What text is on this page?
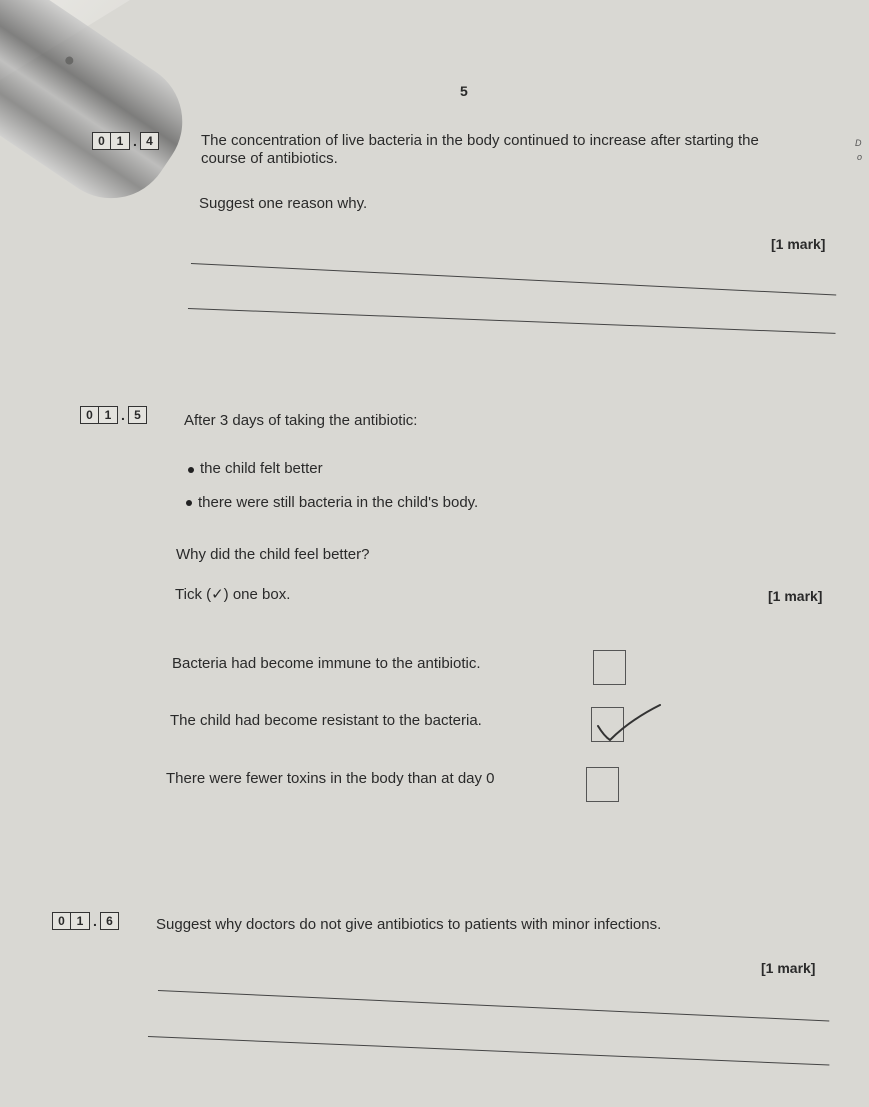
5
D
o
0 1 . 4	The concentration of live bacteria in the body continued to increase after starting the
course of antibiotics.
Suggest one reason why.
[1 mark]
0 1 . 5	After 3 days of taking the antibiotic:
the child felt better
there were still bacteria in the child's body.
Why did the child feel better?
Tick (✓) one box.	[1 mark]
Bacteria had become immune to the antibiotic.
The child had become resistant to the bacteria.
There were fewer toxins in the body than at day 0
0 1 . 6	Suggest why doctors do not give antibiotics to patients with minor infections.
[1 mark]
